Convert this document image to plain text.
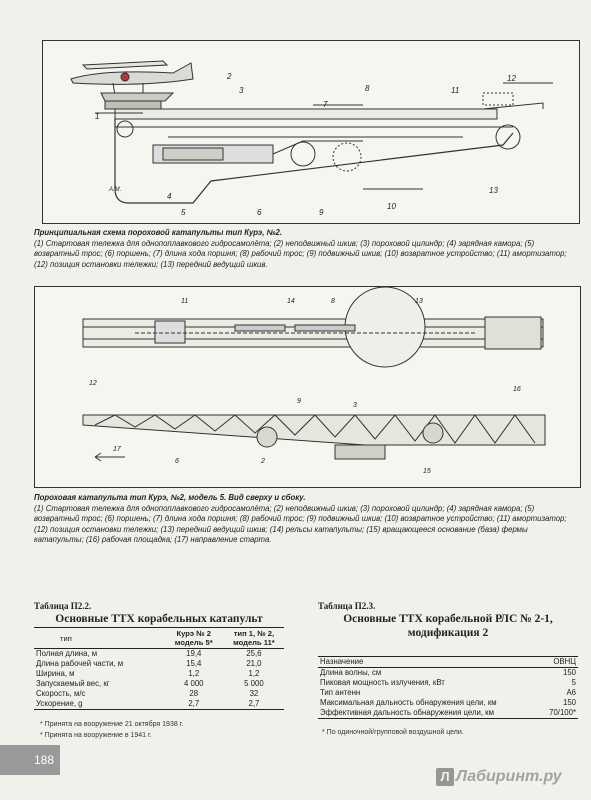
1
2
3
4
5	6
7
8
9
10
11
12
13
A.M.
Принципиальная схема пороховой катапульты тип Курэ, №2.
(1) Стартовая тележка для однопоплавкового гидросамолёта; (2) неподвижный шкив; (3) пороховой цилиндр; (4) зарядная камора; (5) возвратный трос; (6) поршень; (7) длина хода поршня; (8) рабочий трос; (9) подвижный шкив; (10) возвратное устройство; (11) амортизатор; (12) позиция остановки тележки; (13) передний ведущий шкив.
11	14	8	13
12
16
9
3
17
6	2
15
Пороховая катапульта тип Курэ, №2, модель 5. Вид сверху и сбоку.
(1) Стартовая тележка для однопоплавкового гидросамолёта; (2) неподвижный шкив; (3) пороховой цилиндр; (4) зарядная камора; (5) возвратный трос; (6) поршень; (7) длина хода поршня; (8) рабочий трос; (9) подвижный шкив; (10) возвратное устройство; (11) амортизатор; (12) позиция остановки тележки; (13) передний ведущий шкив; (14) рельсы катапульты; (15) вращающееся основание (база) фермы катапульты; (16) рабочая площадка; (17) направление старта.
Таблица П2.2.
Основные ТТХ корабельных катапульт
тип	Курэ № 2 модель 5*	тип 1, № 2, модель 11*
Полная длина, м	19,4	25,6
Длина рабочей части, м	15,4	21,0
Ширина, м	1,2	1,2
Запускаемый вес, кг	4 000	5 000
Скорость, м/с	28	32
Ускорение, g	2,7	2,7
* Принята на вооружение 21 октября 1938 г.
* Принята на вооружение в 1941 г.
Таблица П2.3.
Основные ТТХ корабельной РЛС № 2-1, модификация 2
Назначение	ОВНЦ
Длина волны, см	150
Пиковая мощность излучения, кВт	5
Тип антенн	A6
Максимальная дальность обнаружения цели, км	150
Эффективная дальность обнаружения цели, км	70/100*
* По одиночной/групповой воздушной цели.
188
Л Лабиринт.ру
